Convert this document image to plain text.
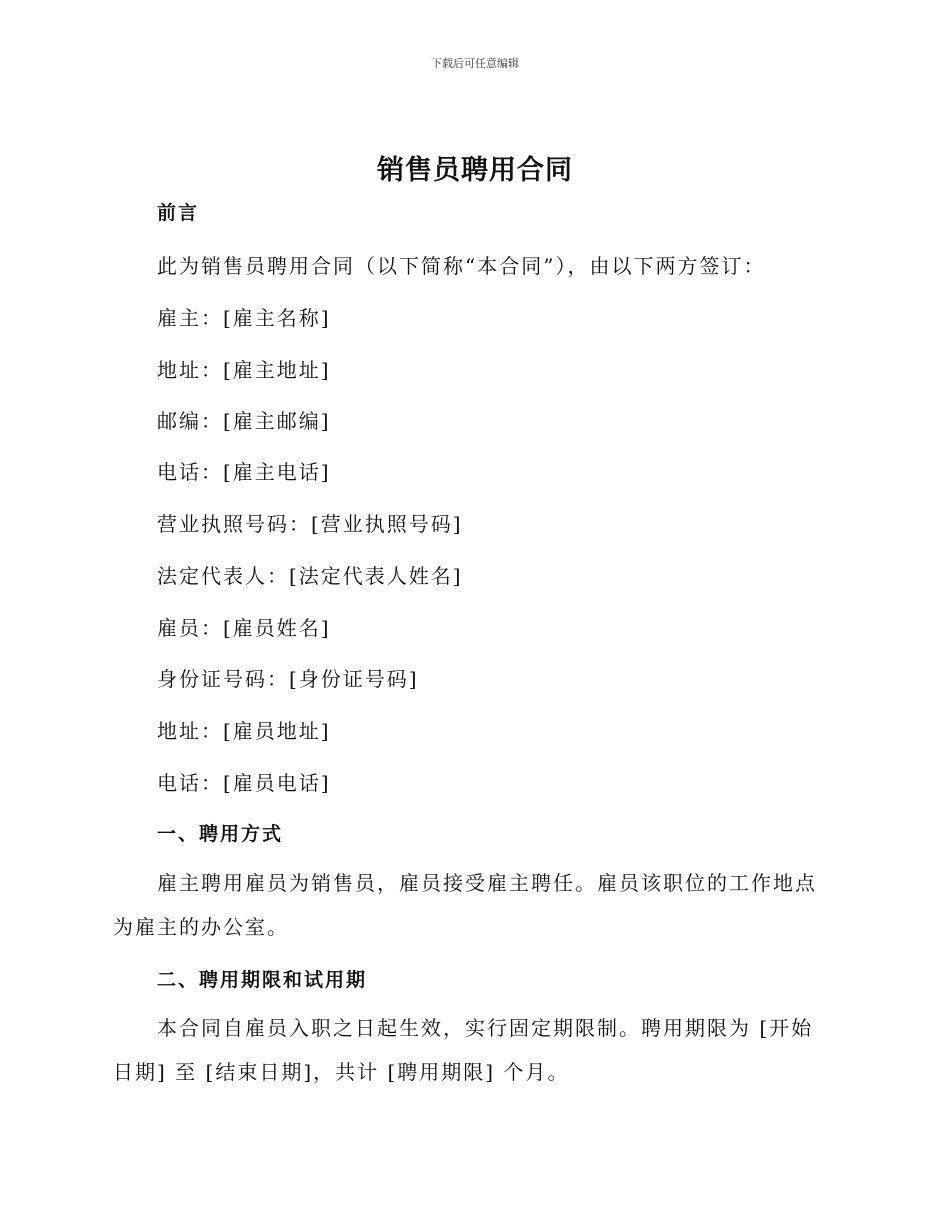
下载后可任意编辑
销售员聘用合同
前言
此为销售员聘用合同（以下简称“本合同”），由以下两方签订：
雇主：[雇主名称]
地址：[雇主地址]
邮编：[雇主邮编]
电话：[雇主电话]
营业执照号码：[营业执照号码]
法定代表人：[法定代表人姓名]
雇员：[雇员姓名]
身份证号码：[身份证号码]
地址：[雇员地址]
电话：[雇员电话]
一、聘用方式
雇主聘用雇员为销售员，雇员接受雇主聘任。雇员该职位的工作地点为雇主的办公室。
二、聘用期限和试用期
本合同自雇员入职之日起生效，实行固定期限制。聘用期限为 [开始日期] 至 [结束日期]，共计 [聘用期限] 个月。
